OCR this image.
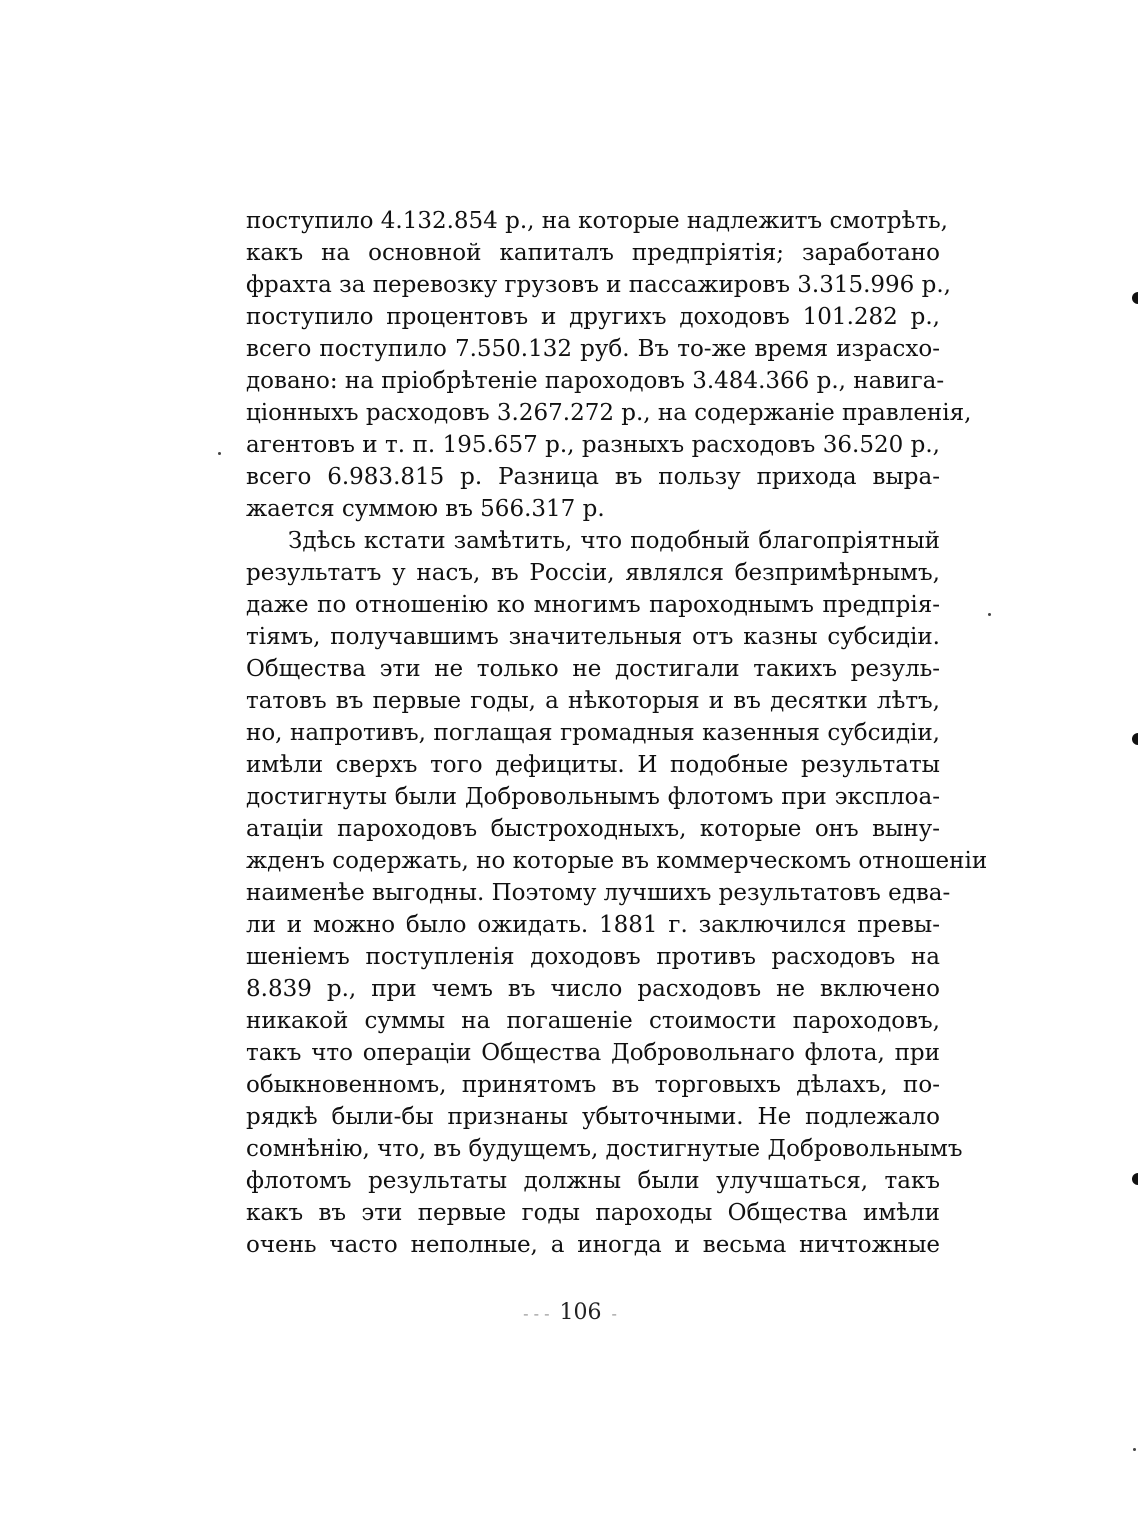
поступило 4.132.854 р., на которые надлежитъ смотрѣть,
какъ на основной капиталъ предпріятія; заработано
фрахта за перевозку грузовъ и пассажировъ 3.315.996 р.,
поступило процентовъ и другихъ доходовъ 101.282 р.,
всего поступило 7.550.132 руб. Въ то-же время израсхо-
довано: на пріобрѣтеніе пароходовъ 3.484.366 р., навига-
ціонныхъ расходовъ 3.267.272 р., на содержаніе правленія,
агентовъ и т. п. 195.657 р., разныхъ расходовъ 36.520 р.,
всего 6.983.815 р. Разница въ пользу прихода выра-
жается суммою въ 566.317 р.
Здѣсь кстати замѣтить, что подобный благопріятный
результатъ у насъ, въ Россіи, являлся безпримѣрнымъ,
даже по отношенію ко многимъ пароходнымъ предпрія-
тіямъ, получавшимъ значительныя отъ казны субсидіи.
Общества эти не только не достигали такихъ резуль-
татовъ въ первые годы, а нѣкоторыя и въ десятки лѣтъ,
но, напротивъ, поглащая громадныя казенныя субсидіи,
имѣли сверхъ того дефициты. И подобные результаты
достигнуты были Добровольнымъ флотомъ при эксплоа-
атаціи пароходовъ быстроходныхъ, которые онъ выну-
жденъ содержать, но которые въ коммерческомъ отношеніи
наименѣе выгодны. Поэтому лучшихъ результатовъ едва-
ли и можно было ожидать. 1881 г. заключился превы-
шеніемъ поступленія доходовъ противъ расходовъ на
8.839 р., при чемъ въ число расходовъ не включено
никакой суммы на погашеніе стоимости пароходовъ,
такъ что операціи Общества Добровольнаго флота, при
обыкновенномъ, принятомъ въ торговыхъ дѣлахъ, по-
рядкѣ были-бы признаны убыточными. Не подлежало
сомнѣнію, что, въ будущемъ, достигнутые Добровольнымъ
флотомъ результаты должны были улучшаться, такъ
какъ въ эти первые годы пароходы Общества имѣли
очень часто неполные, а иногда и весьма ничтожные
- - - 106 -
